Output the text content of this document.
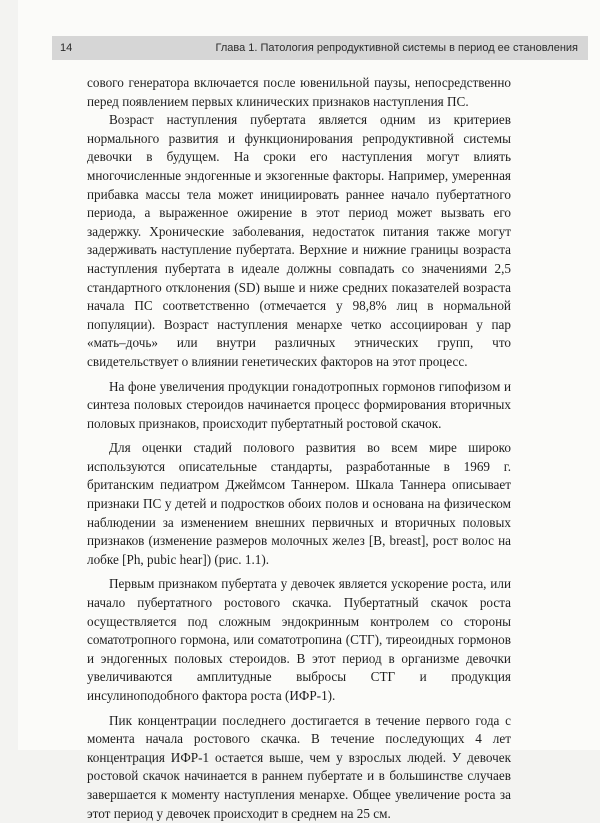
14	Глава 1. Патология репродуктивной системы в период ее становления

сового генератора включается после ювенильной паузы, непосредственно перед появлением первых клинических признаков наступления ПС.

Возраст наступления пубертата является одним из критериев нормального развития и функционирования репродуктивной системы девочки в будущем. На сроки его наступления могут влиять многочисленные эндогенные и экзогенные факторы. Например, умеренная прибавка массы тела может инициировать раннее начало пубертатного периода, а выраженное ожирение в этот период может вызвать его задержку. Хронические заболевания, недостаток питания также могут задерживать наступление пубертата. Верхние и нижние границы возраста наступления пубертата в идеале должны совпадать со значениями 2,5 стандартного отклонения (SD) выше и ниже средних показателей возраста начала ПС соответственно (отмечается у 98,8% лиц в нормальной популяции). Возраст наступления менархе четко ассоциирован у пар «мать–дочь» или внутри различных этнических групп, что свидетельствует о влиянии генетических факторов на этот процесс.

На фоне увеличения продукции гонадотропных гормонов гипофизом и синтеза половых стероидов начинается процесс формирования вторичных половых признаков, происходит пубертатный ростовой скачок.

Для оценки стадий полового развития во всем мире широко используются описательные стандарты, разработанные в 1969 г. британским педиатром Джеймсом Таннером. Шкала Таннера описывает признаки ПС у детей и подростков обоих полов и основана на физическом наблюдении за изменением внешних первичных и вторичных половых признаков (изменение размеров молочных желез [B, breast], рост волос на лобке [Ph, pubic hear]) (рис. 1.1).

Первым признаком пубертата у девочек является ускорение роста, или начало пубертатного ростового скачка. Пубертатный скачок роста осуществляется под сложным эндокринным контролем со стороны соматотропного гормона, или соматотропина (СТГ), тиреоидных гормонов и эндогенных половых стероидов. В этот период в организме девочки увеличиваются амплитудные выбросы СТГ и продукция инсулиноподобного фактора роста (ИФР-1).

Пик концентрации последнего достигается в течение первого года с момента начала ростового скачка. В течение последующих 4 лет концентрация ИФР-1 остается выше, чем у взрослых людей. У девочек ростовой скачок начинается в раннем пубертате и в большинстве случаев завершается к моменту наступления менархе. Общее увеличение роста за этот период у девочек происходит в среднем на 25 см.
